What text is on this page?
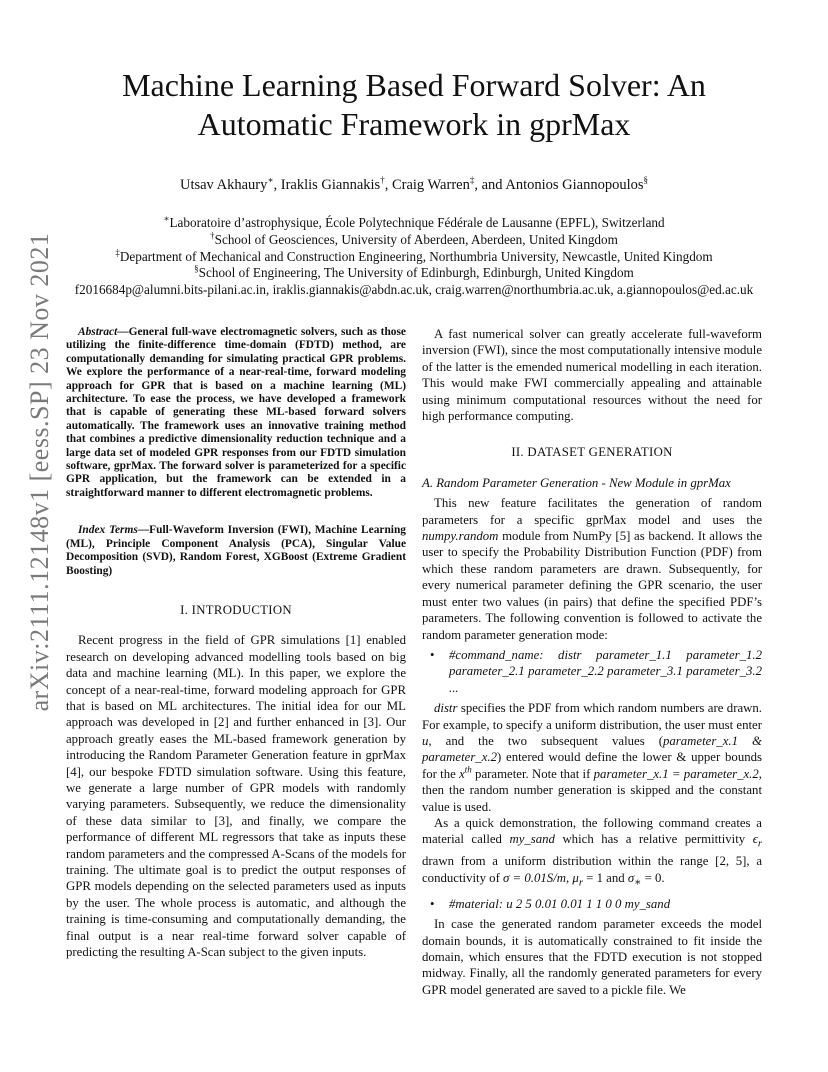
arXiv:2111.12148v1 [eess.SP] 23 Nov 2021
Machine Learning Based Forward Solver: An
Automatic Framework in gprMax
Utsav Akhaury∗, Iraklis Giannakis†, Craig Warren‡, and Antonios Giannopoulos§
∗Laboratoire d’astrophysique, École Polytechnique Fédérale de Lausanne (EPFL), Switzerland
†School of Geosciences, University of Aberdeen, Aberdeen, United Kingdom
‡Department of Mechanical and Construction Engineering, Northumbria University, Newcastle, United Kingdom
§School of Engineering, The University of Edinburgh, Edinburgh, United Kingdom
f2016684p@alumni.bits-pilani.ac.in, iraklis.giannakis@abdn.ac.uk, craig.warren@northumbria.ac.uk, a.giannopoulos@ed.ac.uk

Abstract—General full-wave electromagnetic solvers, such as those utilizing the finite-difference time-domain (FDTD) method, are computationally demanding for simulating practical GPR problems. We explore the performance of a near-real-time, forward modeling approach for GPR that is based on a machine learning (ML) architecture. To ease the process, we have developed a framework that is capable of generating these ML-based forward solvers automatically. The framework uses an innovative training method that combines a predictive dimensionality reduction technique and a large data set of modeled GPR responses from our FDTD simulation software, gprMax. The forward solver is parameterized for a specific GPR application, but the framework can be extended in a straightforward manner to different electromagnetic problems.

Index Terms—Full-Waveform Inversion (FWI), Machine Learning (ML), Principle Component Analysis (PCA), Singular Value Decomposition (SVD), Random Forest, XGBoost (Extreme Gradient Boosting)

I. INTRODUCTION

Recent progress in the field of GPR simulations [1] enabled research on developing advanced modelling tools based on big data and machine learning (ML). In this paper, we explore the concept of a near-real-time, forward modeling approach for GPR that is based on ML architectures. The initial idea for our ML approach was developed in [2] and further enhanced in [3]. Our approach greatly eases the ML-based framework generation by introducing the Random Parameter Generation feature in gprMax [4], our bespoke FDTD simulation software. Using this feature, we generate a large number of GPR models with randomly varying parameters. Subsequently, we reduce the dimensionality of these data similar to [3], and finally, we compare the performance of different ML regressors that take as inputs these random parameters and the compressed A-Scans of the models for training. The ultimate goal is to predict the output responses of GPR models depending on the selected parameters used as inputs by the user. The whole process is automatic, and although the training is time-consuming and computationally demanding, the final output is a near real-time forward solver capable of predicting the resulting A-Scan subject to the given inputs.

A fast numerical solver can greatly accelerate full-waveform inversion (FWI), since the most computationally intensive module of the latter is the emended numerical modelling in each iteration. This would make FWI commercially appealing and attainable using minimum computational resources without the need for high performance computing.

II. DATASET GENERATION
A. Random Parameter Generation - New Module in gprMax

This new feature facilitates the generation of random parameters for a specific gprMax model and uses the numpy.random module from NumPy [5] as backend. It allows the user to specify the Probability Distribution Function (PDF) from which these random parameters are drawn. Subsequently, for every numerical parameter defining the GPR scenario, the user must enter two values (in pairs) that define the specified PDF’s parameters. The following convention is followed to activate the random parameter generation mode:

•	#command_name: distr parameter_1.1 parameter_1.2 parameter_2.1 parameter_2.2 parameter_3.1 parameter_3.2 ...

distr specifies the PDF from which random numbers are drawn. For example, to specify a uniform distribution, the user must enter u, and the two subsequent values (parameter_x.1 & parameter_x.2) entered would define the lower & upper bounds for the $x^{th}$ parameter. Note that if parameter_x.1 = parameter_x.2, then the random number generation is skipped and the constant value is used.

As a quick demonstration, the following command creates a material called my_sand which has a relative permittivity $\epsilon_r$ drawn from a uniform distribution within the range [2, 5], a conductivity of σ = 0.01S/m, $\mu_r = 1$ and $\sigma_∗ = 0$.

•	#material: u 2 5 0.01 0.01 1 1 0 0 my_sand

In case the generated random parameter exceeds the model domain bounds, it is automatically constrained to fit inside the domain, which ensures that the FDTD execution is not stopped midway. Finally, all the randomly generated parameters for every GPR model generated are saved to a pickle file. We
